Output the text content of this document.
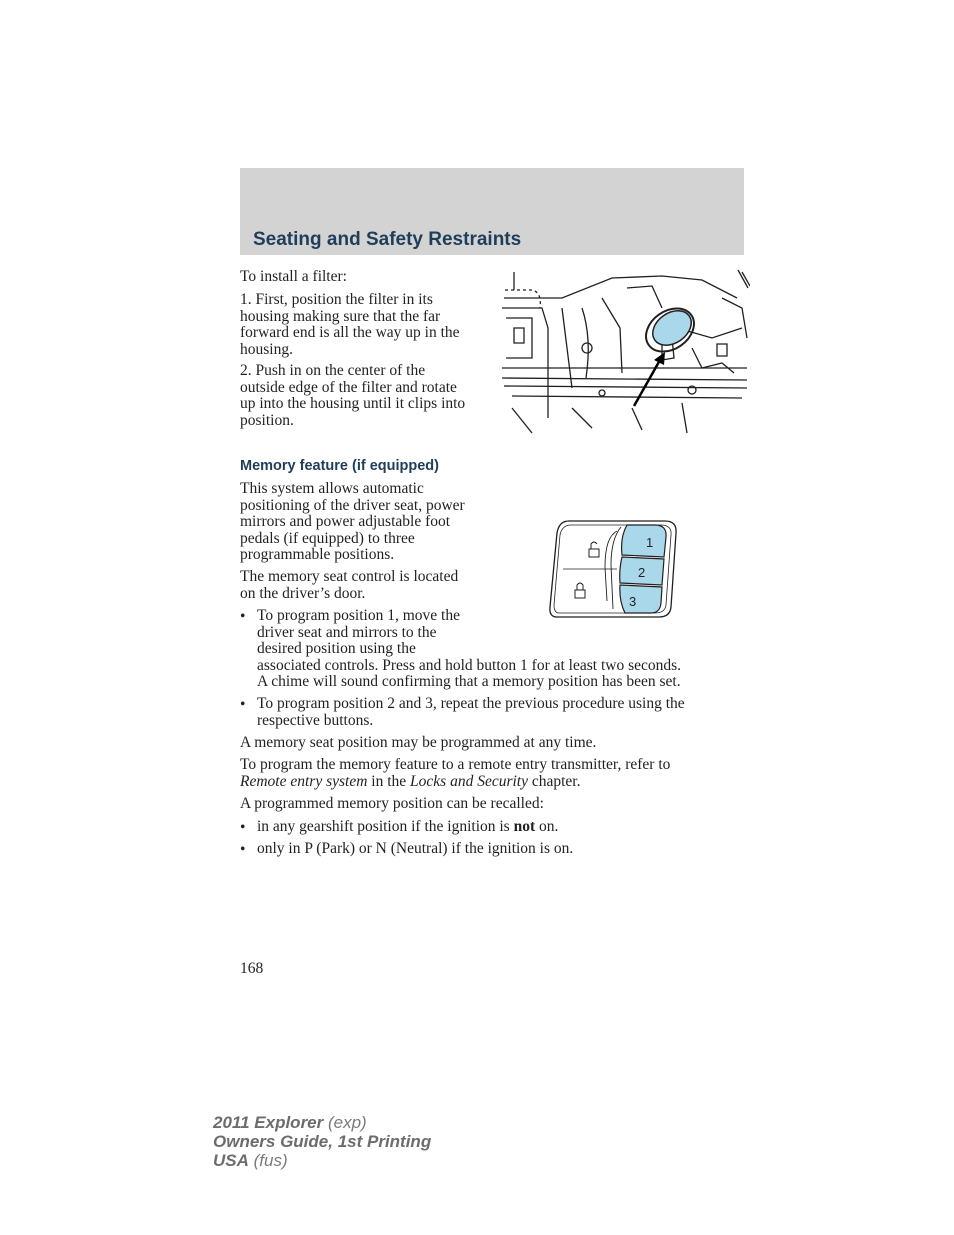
Seating and Safety Restraints

To install a filter:

1. First, position the filter in its
housing making sure that the far
forward end is all the way up in the
housing.
2. Push in on the center of the
outside edge of the filter and rotate
up into the housing until it clips into
position.
Memory feature (if equipped)
This system allows automatic
positioning of the driver seat, power
mirrors and power adjustable foot
pedals (if equipped) to three
programmable positions.
The memory seat control is located
on the driver’s door.
1
2
3
• To program position 1, move the
driver seat and mirrors to the
desired position using the
associated controls. Press and hold button 1 for at least two seconds.
A chime will sound confirming that a memory position has been set.
• To program position 2 and 3, repeat the previous procedure using the
respective buttons.

A memory seat position may be programmed at any time.

To program the memory feature to a remote entry transmitter, refer to
Remote entry system in the Locks and Security chapter.

A programmed memory position can be recalled:

• in any gearshift position if the ignition is not on.
• only in P (Park) or N (Neutral) if the ignition is on.
168
2011 Explorer (exp)
Owners Guide, 1st Printing
USA (fus)
